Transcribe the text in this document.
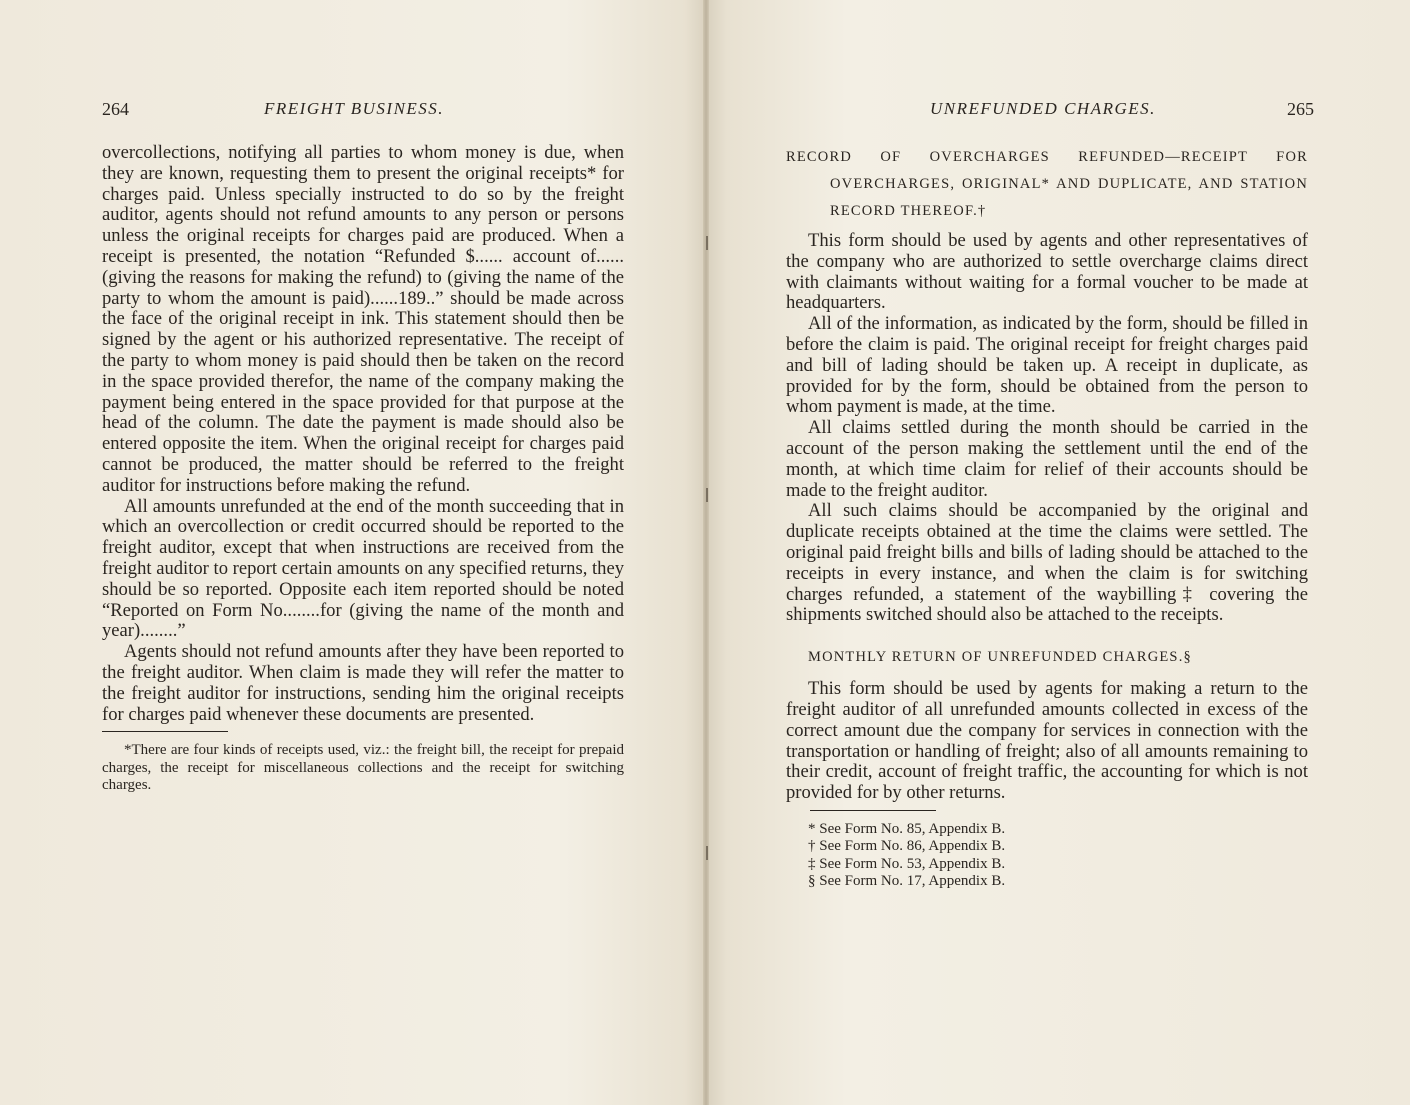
264	FREIGHT BUSINESS.

overcollections, notifying all parties to whom money is due, when they are known, requesting them to present the original receipts* for charges paid. Unless specially instructed to do so by the freight auditor, agents should not refund amounts to any person or persons unless the original receipts for charges paid are produced. When a receipt is presented, the notation “Refunded $...... account of......(giving the reasons for making the refund) to (giving the name of the party to whom the amount is paid)......189..” should be made across the face of the original receipt in ink. This statement should then be signed by the agent or his authorized representative. The receipt of the party to whom money is paid should then be taken on the record in the space provided therefor, the name of the company making the payment being entered in the space provided for that purpose at the head of the column. The date the payment is made should also be entered opposite the item. When the original receipt for charges paid cannot be produced, the matter should be referred to the freight auditor for instructions before making the refund.

All amounts unrefunded at the end of the month succeeding that in which an overcollection or credit occurred should be reported to the freight auditor, except that when instructions are received from the freight auditor to report certain amounts on any specified returns, they should be so reported. Opposite each item reported should be noted “Reported on Form No........for (giving the name of the month and year)........”

Agents should not refund amounts after they have been reported to the freight auditor. When claim is made they will refer the matter to the freight auditor for instructions, sending him the original receipts for charges paid whenever these documents are presented.

*There are four kinds of receipts used, viz.: the freight bill, the receipt for prepaid charges, the receipt for miscellaneous collections and the receipt for switching charges.

UNREFUNDED CHARGES.	265

RECORD OF OVERCHARGES REFUNDED—RECEIPT FOR OVERCHARGES, ORIGINAL* AND DUPLICATE, AND STATION RECORD THEREOF.†

This form should be used by agents and other representatives of the company who are authorized to settle overcharge claims direct with claimants without waiting for a formal voucher to be made at headquarters.

All of the information, as indicated by the form, should be filled in before the claim is paid. The original receipt for freight charges paid and bill of lading should be taken up. A receipt in duplicate, as provided for by the form, should be obtained from the person to whom payment is made, at the time.

All claims settled during the month should be carried in the account of the person making the settlement until the end of the month, at which time claim for relief of their accounts should be made to the freight auditor.

All such claims should be accompanied by the original and duplicate receipts obtained at the time the claims were settled. The original paid freight bills and bills of lading should be attached to the receipts in every instance, and when the claim is for switching charges refunded, a statement of the waybilling‡ covering the shipments switched should also be attached to the receipts.

MONTHLY RETURN OF UNREFUNDED CHARGES.§

This form should be used by agents for making a return to the freight auditor of all unrefunded amounts collected in excess of the correct amount due the company for services in connection with the transportation or handling of freight; also of all amounts remaining to their credit, account of freight traffic, the accounting for which is not provided for by other returns.

* See Form No. 85, Appendix B.

† See Form No. 86, Appendix B.

‡ See Form No. 53, Appendix B.

§ See Form No. 17, Appendix B.
